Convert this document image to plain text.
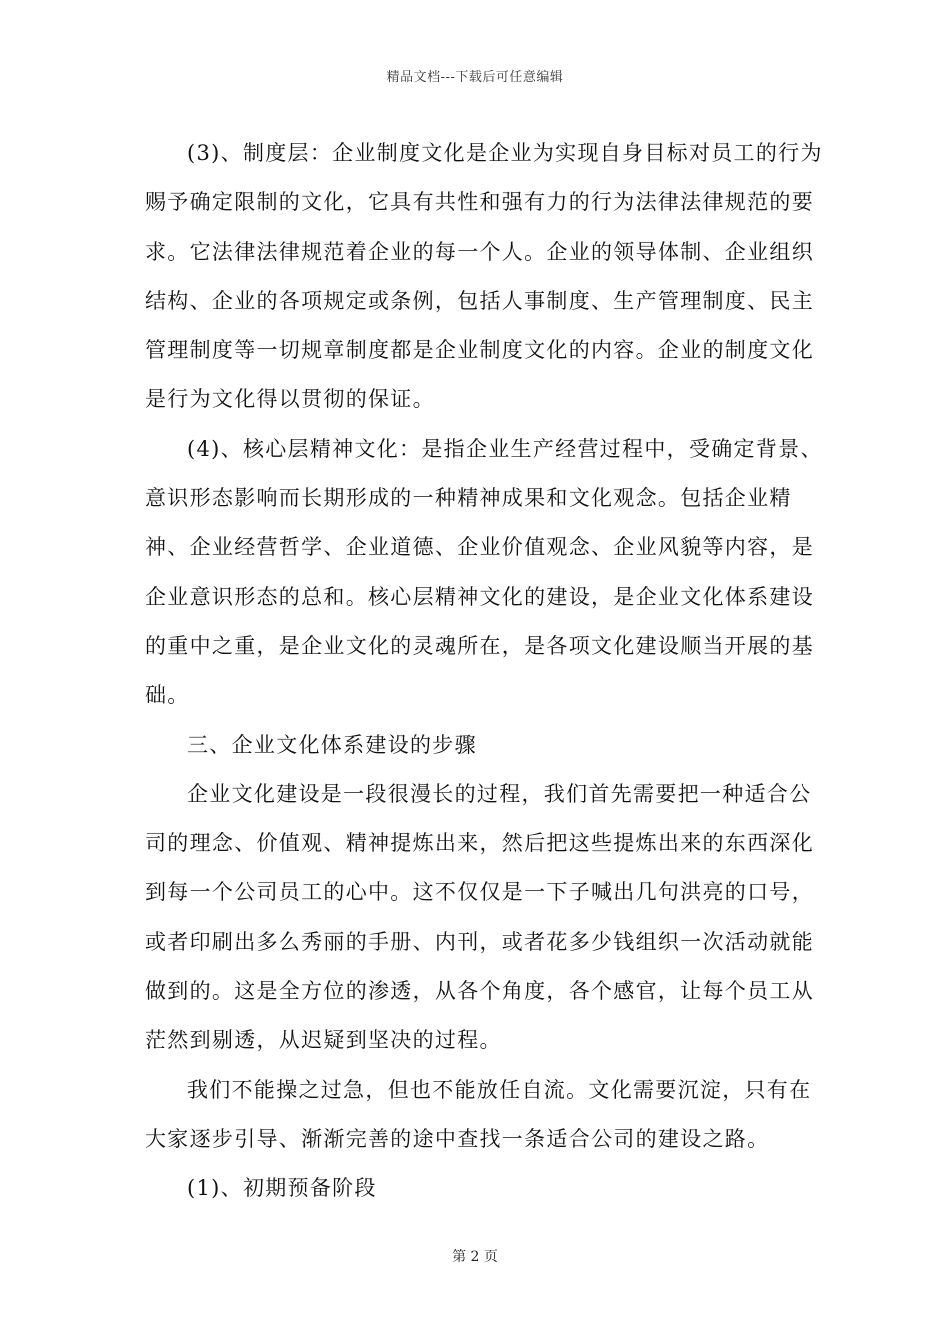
精品文档---下载后可任意编辑

(3)、制度层：企业制度文化是企业为实现自身目标对员工的行为赐予确定限制的文化，它具有共性和强有力的行为法律法律规范的要求。它法律法律规范着企业的每一个人。企业的领导体制、企业组织结构、企业的各项规定或条例，包括人事制度、生产管理制度、民主管理制度等一切规章制度都是企业制度文化的内容。企业的制度文化是行为文化得以贯彻的保证。

(4)、核心层精神文化：是指企业生产经营过程中，受确定背景、意识形态影响而长期形成的一种精神成果和文化观念。包括企业精神、企业经营哲学、企业道德、企业价值观念、企业风貌等内容，是企业意识形态的总和。核心层精神文化的建设，是企业文化体系建设的重中之重，是企业文化的灵魂所在，是各项文化建设顺当开展的基础。

三、企业文化体系建设的步骤

企业文化建设是一段很漫长的过程，我们首先需要把一种适合公司的理念、价值观、精神提炼出来，然后把这些提炼出来的东西深化到每一个公司员工的心中。这不仅仅是一下子喊出几句洪亮的口号，或者印刷出多么秀丽的手册、内刊，或者花多少钱组织一次活动就能做到的。这是全方位的渗透，从各个角度，各个感官，让每个员工从茫然到剔透，从迟疑到坚决的过程。

我们不能操之过急，但也不能放任自流。文化需要沉淀，只有在大家逐步引导、渐渐完善的途中查找一条适合公司的建设之路。

(1)、初期预备阶段

第 2 页
